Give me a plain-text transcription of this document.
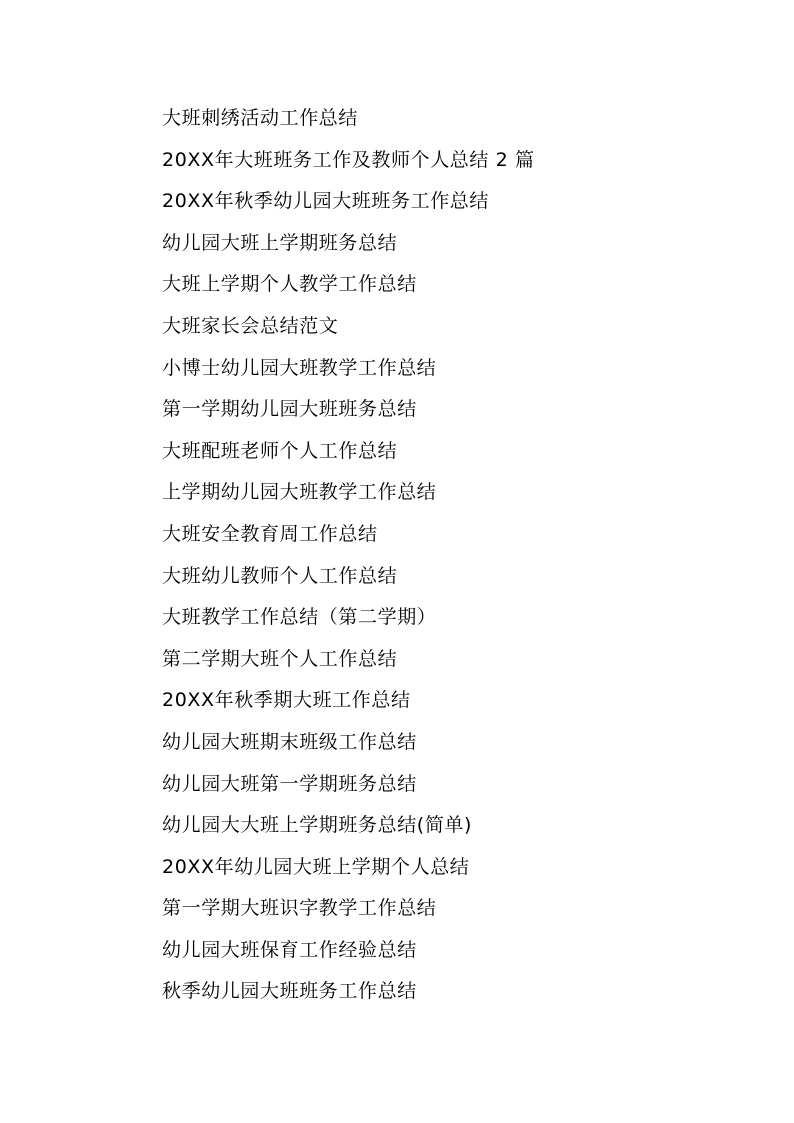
大班刺绣活动工作总结
20XX年大班班务工作及教师个人总结 2 篇
20XX年秋季幼儿园大班班务工作总结
幼儿园大班上学期班务总结
大班上学期个人教学工作总结
大班家长会总结范文
小博士幼儿园大班教学工作总结
第一学期幼儿园大班班务总结
大班配班老师个人工作总结
上学期幼儿园大班教学工作总结
大班安全教育周工作总结
大班幼儿教师个人工作总结
大班教学工作总结（第二学期）
第二学期大班个人工作总结
20XX年秋季期大班工作总结
幼儿园大班期末班级工作总结
幼儿园大班第一学期班务总结
幼儿园大大班上学期班务总结(简单)
20XX年幼儿园大班上学期个人总结
第一学期大班识字教学工作总结
幼儿园大班保育工作经验总结
秋季幼儿园大班班务工作总结
